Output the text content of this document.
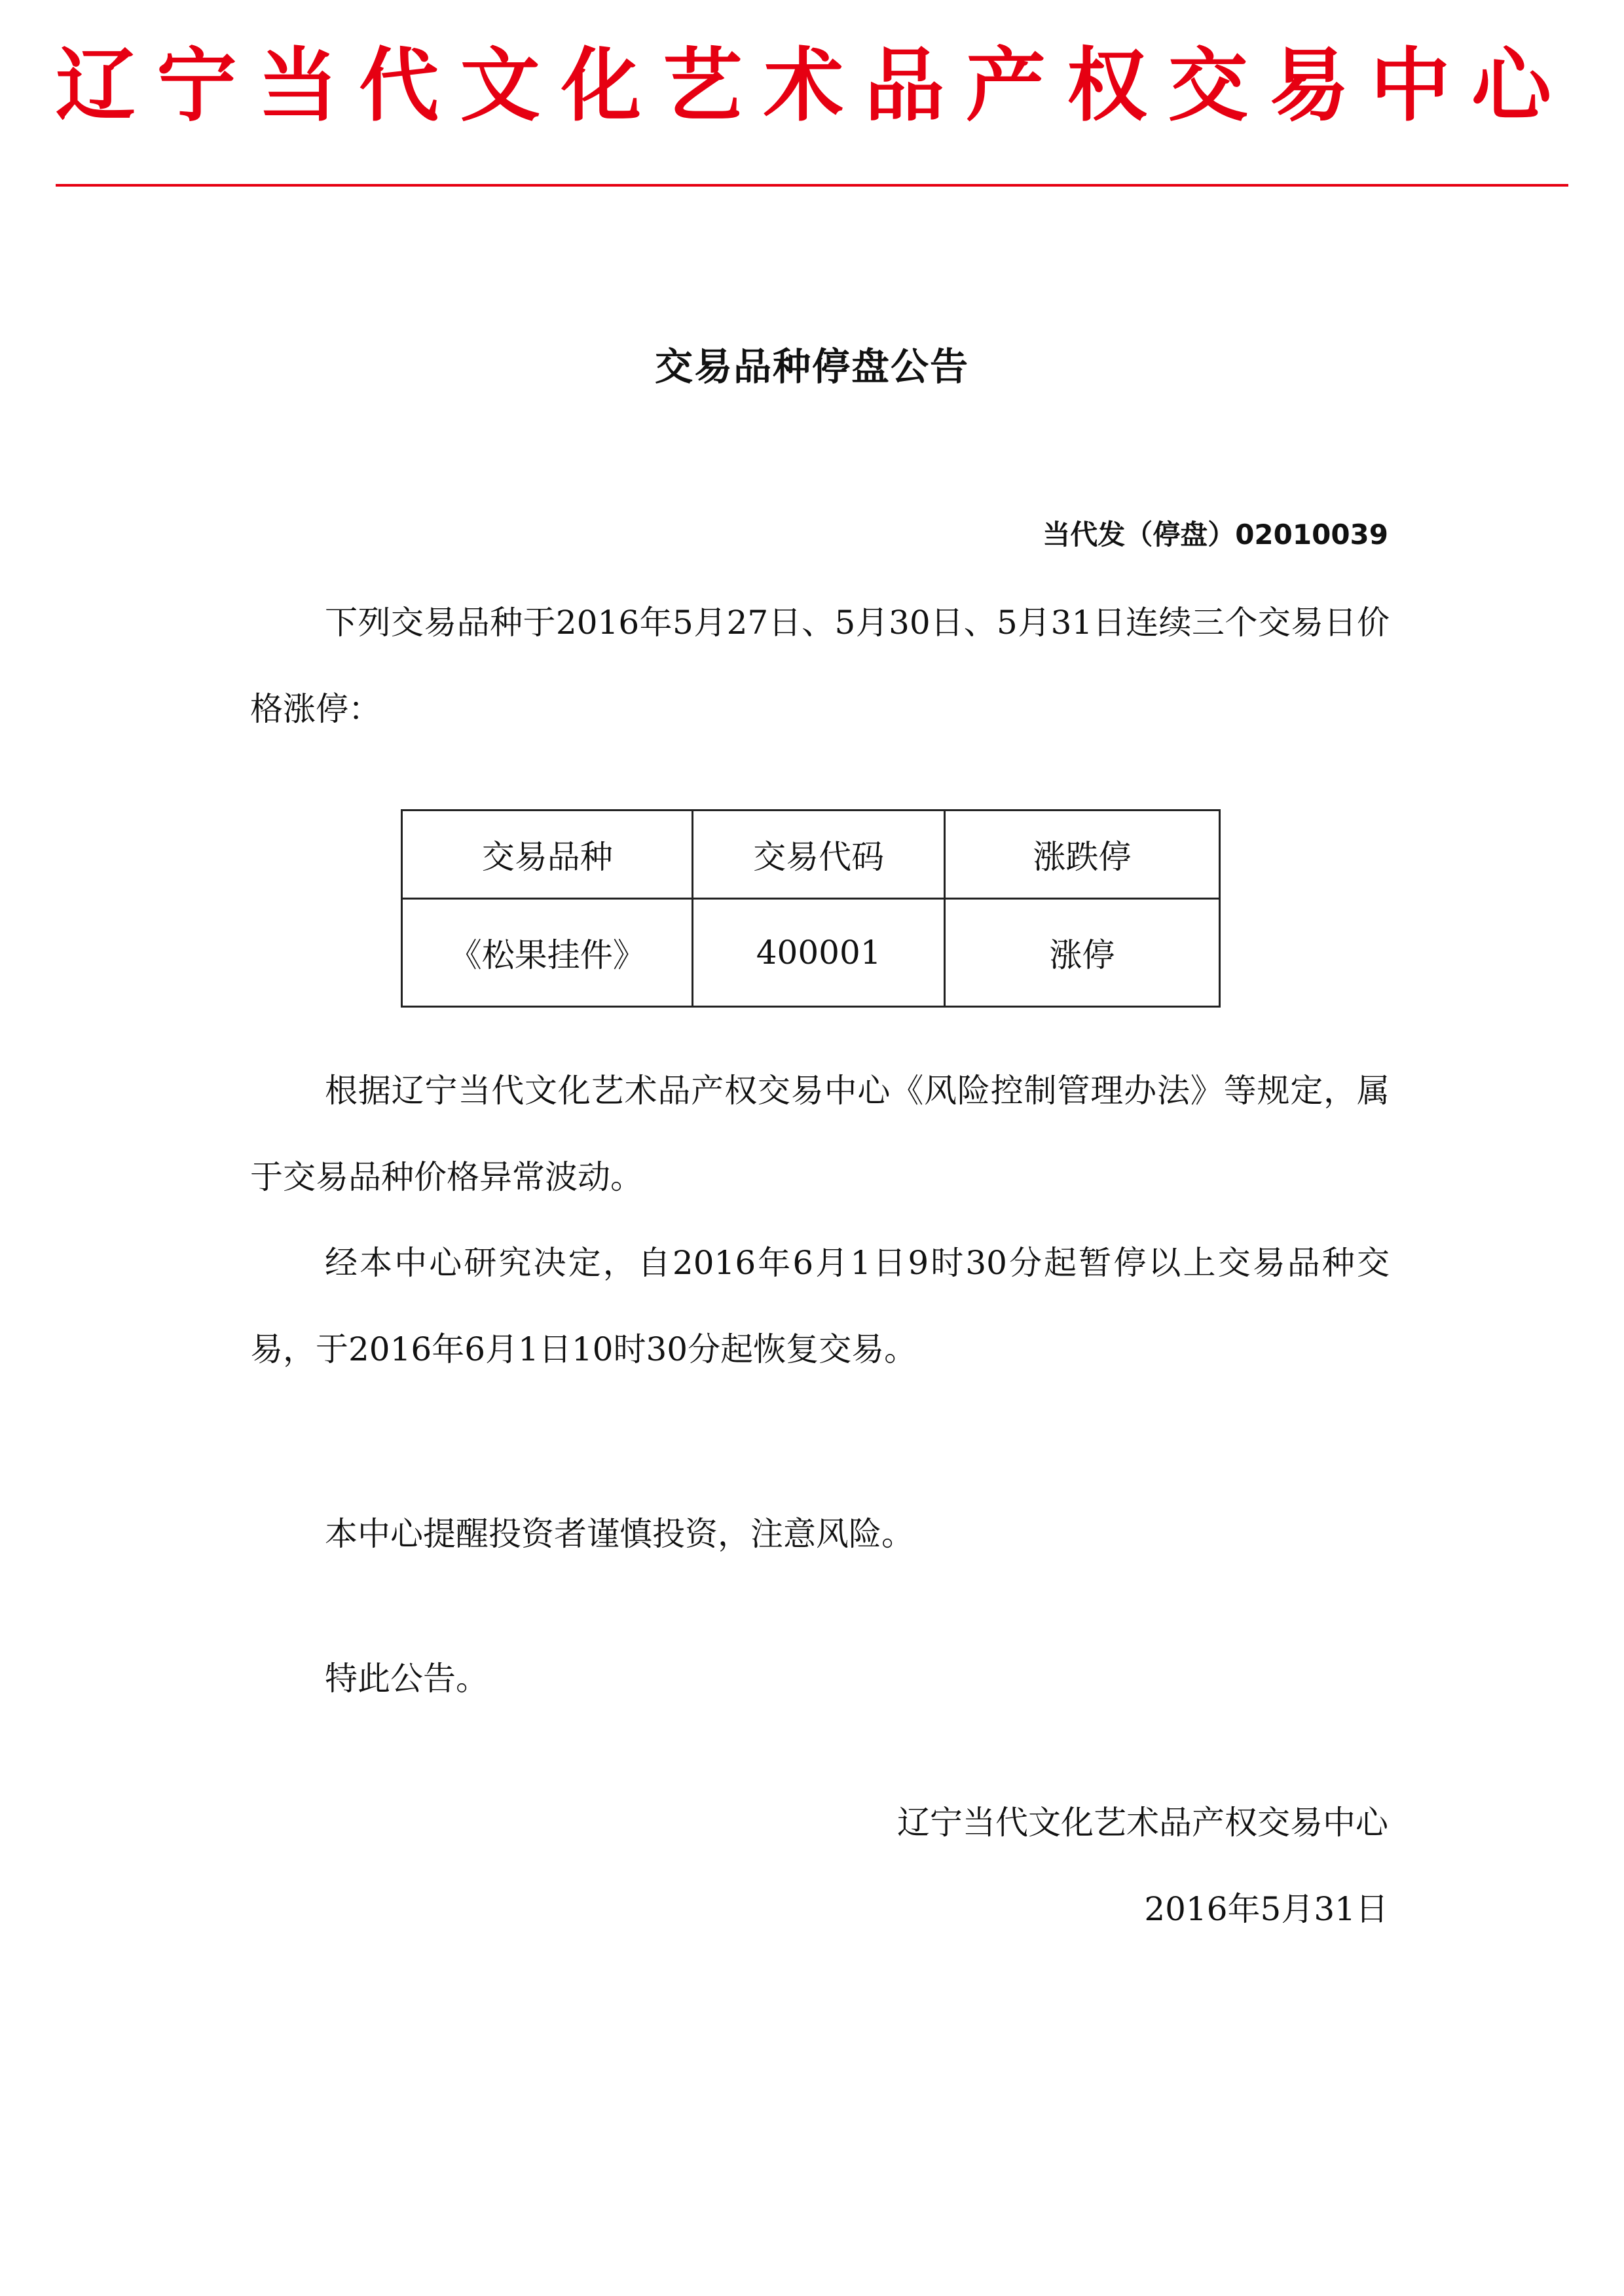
辽宁当代文化艺术品产权交易中心
交易品种停盘公告
当代发（停盘）02010039
下列交易品种于2016年5月27日、5月30日、5月31日连续三个交易日价格涨停：
交易品种	交易代码	涨跌停
《松果挂件》	400001	涨停
根据辽宁当代文化艺术品产权交易中心《风险控制管理办法》等规定，属于交易品种价格异常波动。
经本中心研究决定，自2016年6月1日9时30分起暂停以上交易品种交易，于2016年6月1日10时30分起恢复交易。
本中心提醒投资者谨慎投资，注意风险。
特此公告。
辽宁当代文化艺术品产权交易中心
2016年5月31日
